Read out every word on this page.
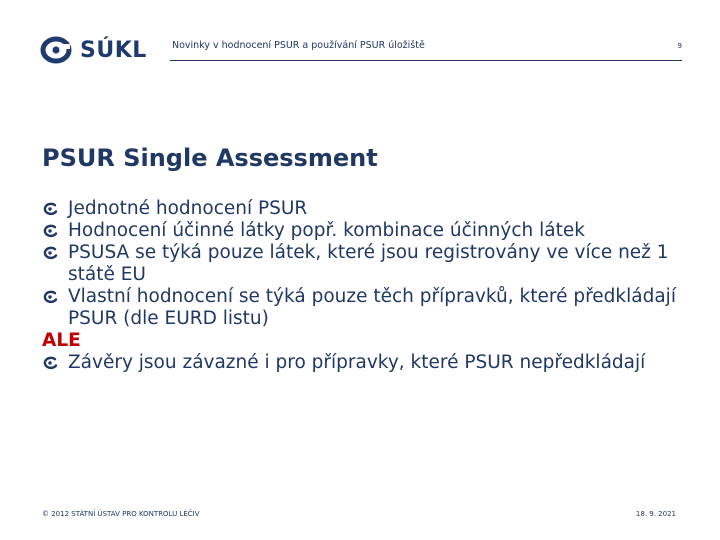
SÚKL	Novinky v hodnocení PSUR a používání PSUR úložiště	9
PSUR Single Assessment
Jednotné hodnocení PSUR
Hodnocení účinné látky popř. kombinace účinných látek
PSUSA se týká pouze látek, které jsou registrovány ve více než 1 státě EU
Vlastní hodnocení se týká pouze těch přípravků, které předkládají PSUR (dle EURD listu)
ALE
Závěry jsou závazné i pro přípravky, které PSUR nepředkládají
© 2012 STÁTNÍ ÚSTAV PRO KONTROLU LÉČIV	18. 9. 2021
